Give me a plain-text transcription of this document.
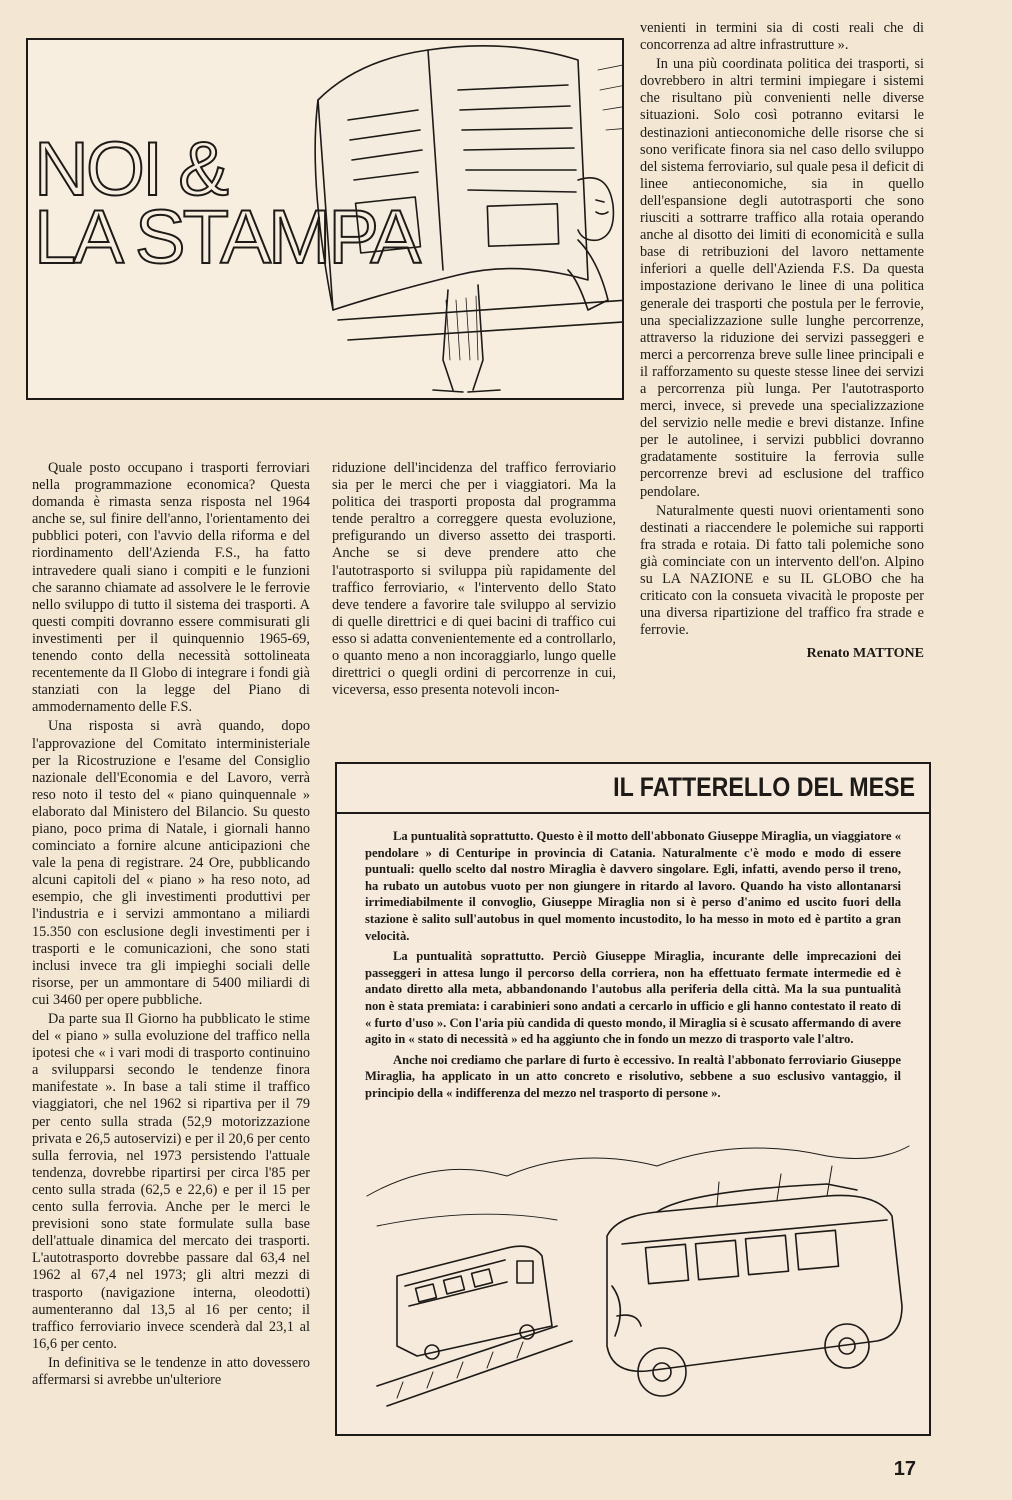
NOI &
LA STAMPA

Quale posto occupano i trasporti ferroviari nella programmazione economica? Questa domanda è rimasta senza risposta nel 1964 anche se, sul finire dell'anno, l'orientamento dei pubblici poteri, con l'avvio della riforma e del riordinamento dell'Azienda F.S., ha fatto intravedere quali siano i compiti e le funzioni che saranno chiamate ad assolvere le le ferrovie nello sviluppo di tutto il sistema dei trasporti. A questi compiti dovranno essere commisurati gli investimenti per il quinquennio 1965-69, tenendo conto della necessità sottolineata recentemente da Il Globo di integrare i fondi già stanziati con la legge del Piano di ammodernamento delle F.S.

Una risposta si avrà quando, dopo l'approvazione del Comitato interministeriale per la Ricostruzione e l'esame del Consiglio nazionale dell'Economia e del Lavoro, verrà reso noto il testo del « piano quinquennale » elaborato dal Ministero del Bilancio. Su questo piano, poco prima di Natale, i giornali hanno cominciato a fornire alcune anticipazioni che vale la pena di registrare. 24 Ore, pubblicando alcuni capitoli del « piano » ha reso noto, ad esempio, che gli investimenti produttivi per l'industria e i servizi ammontano a miliardi 15.350 con esclusione degli investimenti per i trasporti e le comunicazioni, che sono stati inclusi invece tra gli impieghi sociali delle risorse, per un ammontare di 5400 miliardi di cui 3460 per opere pubbliche.

Da parte sua Il Giorno ha pubblicato le stime del « piano » sulla evoluzione del traffico nella ipotesi che « i vari modi di trasporto continuino a svilupparsi secondo le tendenze finora manifestate ». In base a tali stime il traffico viaggiatori, che nel 1962 si ripartiva per il 79 per cento sulla strada (52,9 motorizzazione privata e 26,5 autoservizi) e per il 20,6 per cento sulla ferrovia, nel 1973 persistendo l'attuale tendenza, dovrebbe ripartirsi per circa l'85 per cento sulla strada (62,5 e 22,6) e per il 15 per cento sulla ferrovia. Anche per le merci le previsioni sono state formulate sulla base dell'attuale dinamica del mercato dei trasporti. L'autotrasporto dovrebbe passare dal 63,4 nel 1962 al 67,4 nel 1973; gli altri mezzi di trasporto (navigazione interna, oleodotti) aumenteranno dal 13,5 al 16 per cento; il traffico ferroviario invece scenderà dal 23,1 al 16,6 per cento.

In definitiva se le tendenze in atto dovessero affermarsi si avrebbe un'ulteriore

riduzione dell'incidenza del traffico ferroviario sia per le merci che per i viaggiatori. Ma la politica dei trasporti proposta dal programma tende peraltro a correggere questa evoluzione, prefigurando un diverso assetto dei trasporti. Anche se si deve prendere atto che l'autotrasporto si sviluppa più rapidamente del traffico ferroviario, « l'intervento dello Stato deve tendere a favorire tale sviluppo al servizio di quelle direttrici e di quei bacini di traffico cui esso si adatta convenientemente ed a controllarlo, o quanto meno a non incoraggiarlo, lungo quelle direttrici o quegli ordini di percorrenze in cui, viceversa, esso presenta notevoli incon-

venienti in termini sia di costi reali che di concorrenza ad altre infrastrutture ».

In una più coordinata politica dei trasporti, si dovrebbero in altri termini impiegare i sistemi che risultano più convenienti nelle diverse situazioni. Solo così potranno evitarsi le destinazioni antieconomiche delle risorse che si sono verificate finora sia nel caso dello sviluppo del sistema ferroviario, sul quale pesa il deficit di linee antieconomiche, sia in quello dell'espansione degli autotrasporti che sono riusciti a sottrarre traffico alla rotaia operando anche al disotto dei limiti di economicità e sulla base di retribuzioni del lavoro nettamente inferiori a quelle dell'Azienda F.S. Da questa impostazione derivano le linee di una politica generale dei trasporti che postula per le ferrovie, una specializzazione sulle lunghe percorrenze, attraverso la riduzione dei servizi passeggeri e merci a percorrenza breve sulle linee principali e il rafforzamento su queste stesse linee dei servizi a percorrenza più lunga. Per l'autotrasporto merci, invece, si prevede una specializzazione del servizio nelle medie e brevi distanze. Infine per le autolinee, i servizi pubblici dovranno gradatamente sostituire la ferrovia sulle percorrenze brevi ad esclusione del traffico pendolare.

Naturalmente questi nuovi orientamenti sono destinati a riaccendere le polemiche sui rapporti fra strada e rotaia. Di fatto tali polemiche sono già cominciate con un intervento dell'on. Alpino su LA NAZIONE e su IL GLOBO che ha criticato con la consueta vivacità le proposte per una diversa ripartizione del traffico fra strade e ferrovie.

Renato MATTONE
IL FATTERELLO DEL MESE

La puntualità soprattutto. Questo è il motto dell'abbonato Giuseppe Miraglia, un viaggiatore « pendolare » di Centuripe in provincia di Catania. Naturalmente c'è modo e modo di essere puntuali: quello scelto dal nostro Miraglia è davvero singolare. Egli, infatti, avendo perso il treno, ha rubato un autobus vuoto per non giungere in ritardo al lavoro. Quando ha visto allontanarsi irrimediabilmente il convoglio, Giuseppe Miraglia non si è perso d'animo ed uscito fuori della stazione è salito sull'autobus in quel momento incustodito, lo ha messo in moto ed è partito a gran velocità.

La puntualità soprattutto. Perciò Giuseppe Miraglia, incurante delle imprecazioni dei passeggeri in attesa lungo il percorso della corriera, non ha effettuato fermate intermedie ed è andato diretto alla meta, abbandonando l'autobus alla periferia della città. Ma la sua puntualità non è stata premiata: i carabinieri sono andati a cercarlo in ufficio e gli hanno contestato il reato di « furto d'uso ». Con l'aria più candida di questo mondo, il Miraglia si è scusato affermando di avere agito in « stato di necessità » ed ha aggiunto che in fondo un mezzo di trasporto vale l'altro.

Anche noi crediamo che parlare di furto è eccessivo. In realtà l'abbonato ferroviario Giuseppe Miraglia, ha applicato in un atto concreto e risolutivo, sebbene a suo esclusivo vantaggio, il principio della « indifferenza del mezzo nel trasporto di persone ».

17
